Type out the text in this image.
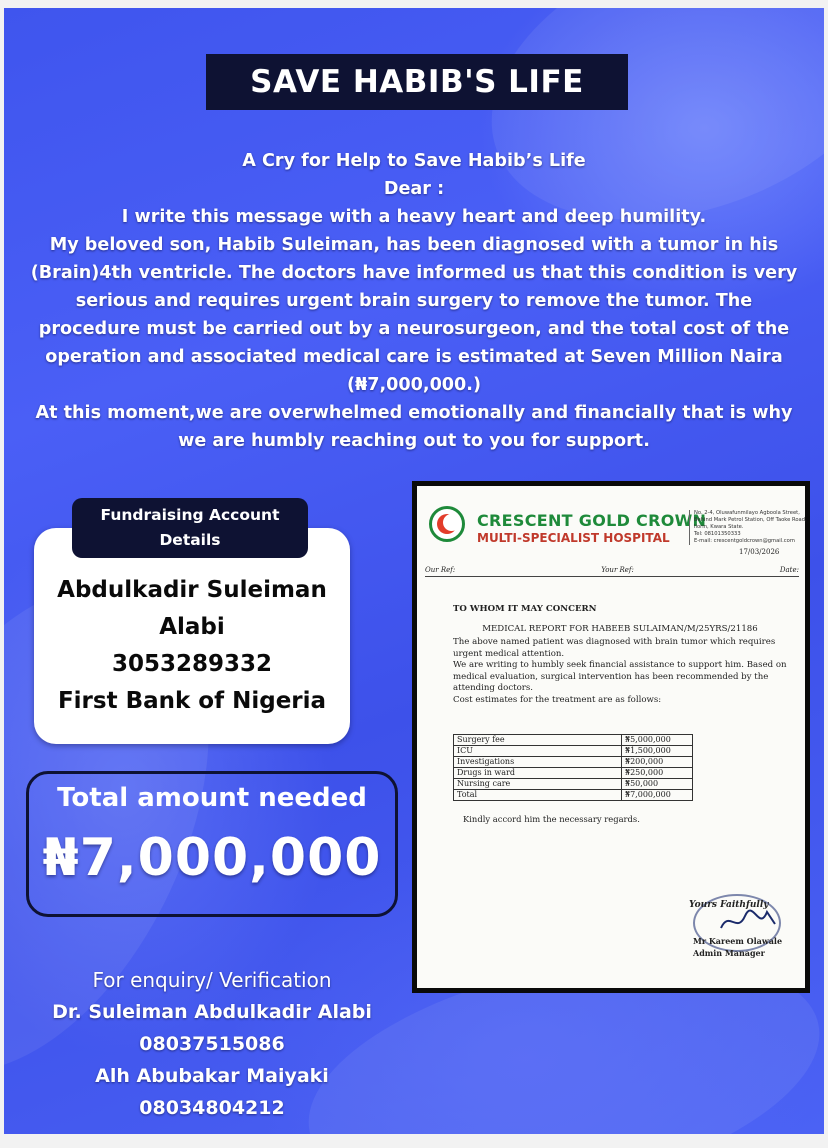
SAVE HABIB'S LIFE

A Cry for Help to Save Habib’s Life

Dear :

I write this message with a heavy heart and deep humility.

My beloved son, Habib Suleiman, has been diagnosed with a tumor in his (Brain)4th ventricle. The doctors have informed us that this condition is very serious and requires urgent brain surgery to remove the tumor. The procedure must be carried out by a neurosurgeon, and the total cost of the operation and associated medical care is estimated at Seven Million Naira (₦7,000,000.)

At this moment,we are overwhelmed emotionally and financially that is why we are humbly reaching out to you for support.

Fundraising Account Details
Abdulkadir Suleiman
Alabi
3053289332
First Bank of Nigeria
Total amount needed
₦7,000,000
For enquiry/ Verification
Dr. Suleiman Abdulkadir Alabi
08037515086
Alh Abubakar Maiyaki
08034804212
CRESCENT GOLD CROWN
MULTI-SPECIALIST HOSPITAL
No. 2-4, Oluwafunmilayo Agboola Street, Behind Mark Petrol Station, Off Taoke Road, Ilorin, Kwara State.
Tel: 08101350333
E-mail: crescentgoldcrown@gmail.com
17/03/2026
Our Ref:	Your Ref:	Date:

TO WHOM IT MAY CONCERN

MEDICAL REPORT FOR HABEEB SULAIMAN/M/25YRS/21186

The above named patient was diagnosed with brain tumor which requires urgent medical attention.

We are writing to humbly seek financial assistance to support him. Based on medical evaluation, surgical intervention has been recommended by the attending doctors.

Cost estimates for the treatment are as follows:

Surgery fee	₦5,000,000
ICU	₦1,500,000
Investigations	₦200,000
Drugs in ward	₦250,000
Nursing care	₦50,000
Total	₦7,000,000
Kindly accord him the necessary regards.
Yours Faithfully
Mr Kareem Olawale
Admin Manager
